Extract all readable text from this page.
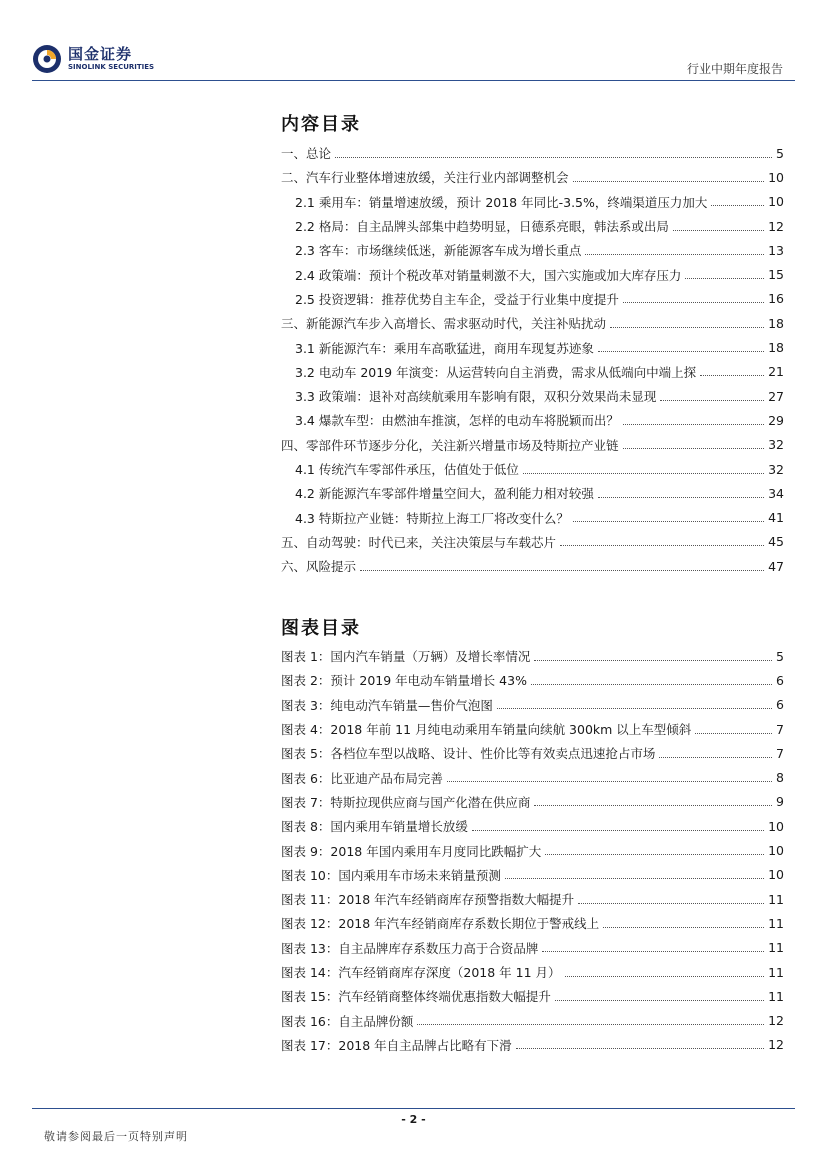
国金证券
SINOLINK SECURITIES	行业中期年度报告
内容目录
一、总论	5
二、汽车行业整体增速放缓，关注行业内部调整机会	10
2.1 乘用车：销量增速放缓，预计 2018 年同比-3.5%，终端渠道压力加大	10
2.2 格局：自主品牌头部集中趋势明显，日德系亮眼，韩法系或出局	12
2.3 客车：市场继续低迷，新能源客车成为增长重点	13
2.4 政策端：预计个税改革对销量刺激不大，国六实施或加大库存压力	15
2.5 投资逻辑：推荐优势自主车企，受益于行业集中度提升	16
三、新能源汽车步入高增长、需求驱动时代，关注补贴扰动	18
3.1 新能源汽车：乘用车高歌猛进，商用车现复苏迹象	18
3.2 电动车 2019 年演变：从运营转向自主消费，需求从低端向中端上探	21
3.3 政策端：退补对高续航乘用车影响有限，双积分效果尚未显现	27
3.4 爆款车型：由燃油车推演，怎样的电动车将脱颖而出？	29
四、零部件环节逐步分化，关注新兴增量市场及特斯拉产业链	32
4.1 传统汽车零部件承压，估值处于低位	32
4.2 新能源汽车零部件增量空间大，盈利能力相对较强	34
4.3 特斯拉产业链：特斯拉上海工厂将改变什么？	41
五、自动驾驶：时代已来，关注决策层与车载芯片	45
六、风险提示	47
图表目录
图表 1：国内汽车销量（万辆）及增长率情况	5
图表 2：预计 2019 年电动车销量增长 43%	6
图表 3：纯电动汽车销量—售价气泡图	6
图表 4：2018 年前 11 月纯电动乘用车销量向续航 300km 以上车型倾斜	7
图表 5：各档位车型以战略、设计、性价比等有效卖点迅速抢占市场	7
图表 6：比亚迪产品布局完善	8
图表 7：特斯拉现供应商与国产化潜在供应商	9
图表 8：国内乘用车销量增长放缓	10
图表 9：2018 年国内乘用车月度同比跌幅扩大	10
图表 10：国内乘用车市场未来销量预测	10
图表 11：2018 年汽车经销商库存预警指数大幅提升	11
图表 12：2018 年汽车经销商库存系数长期位于警戒线上	11
图表 13：自主品牌库存系数压力高于合资品牌	11
图表 14：汽车经销商库存深度（2018 年 11 月）	11
图表 15：汽车经销商整体终端优惠指数大幅提升	11
图表 16：自主品牌份额	12
图表 17：2018 年自主品牌占比略有下滑	12
- 2 -
敬请参阅最后一页特别声明
